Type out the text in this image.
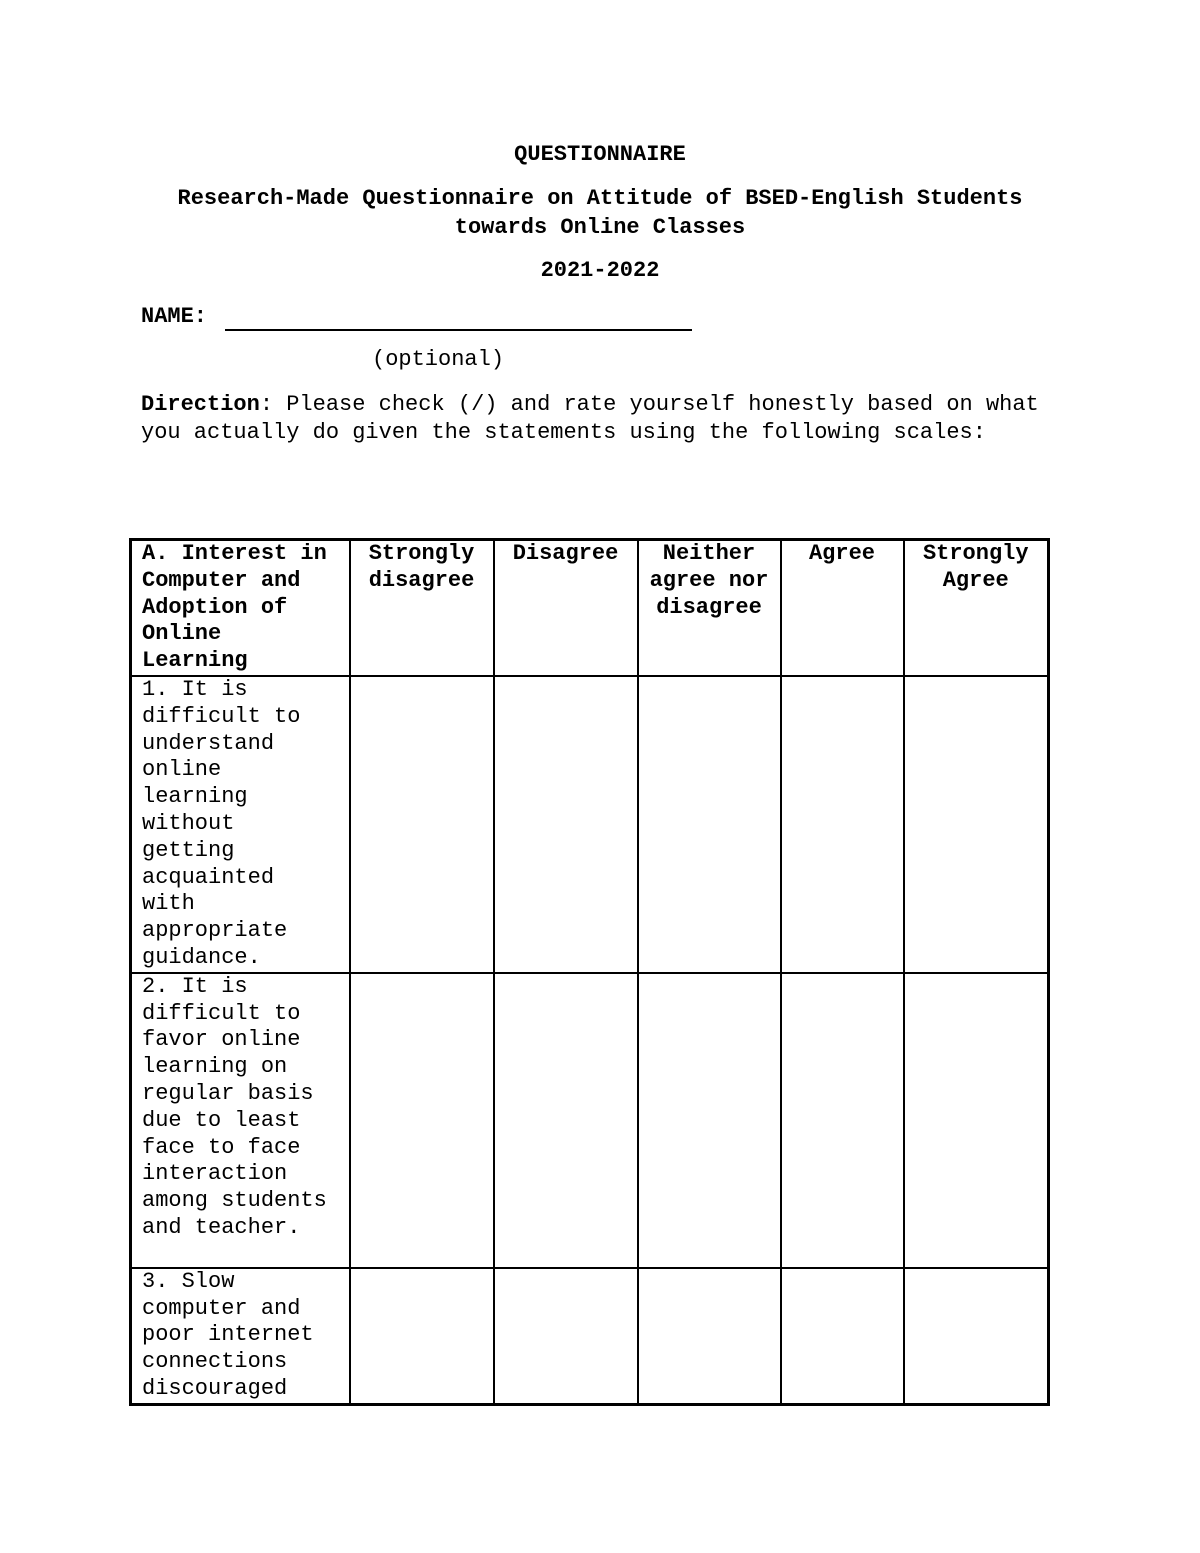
QUESTIONNAIRE
Research-Made Questionnaire on Attitude of BSED-English Students
towards Online Classes
2021-2022
NAME:
(optional)
Direction: Please check (/) and rate yourself honestly based on what you actually do given the statements using the following scales:
A. Interest in Computer and Adoption of Online Learning	Strongly disagree	Disagree	Neither agree nor disagree	Agree	Strongly Agree
1. It is difficult to understand online learning without getting acquainted with appropriate guidance.					
2. It is difficult to favor online learning on regular basis due to least face to face interaction among students and teacher.					
3. Slow computer and poor internet connections discouraged					
